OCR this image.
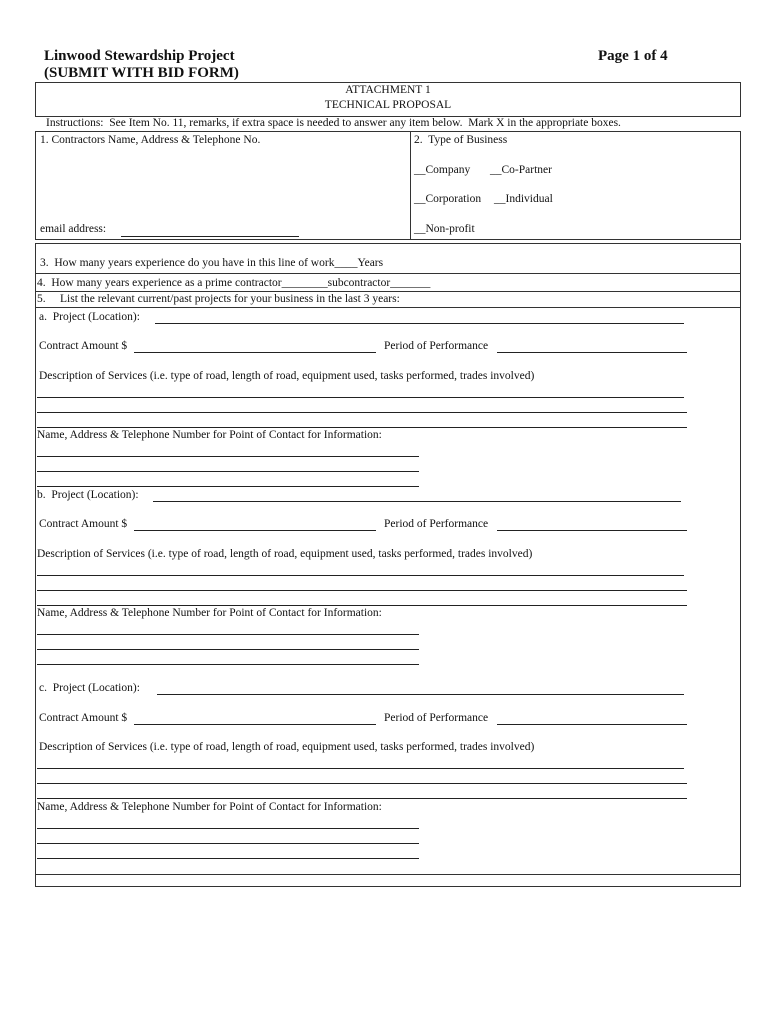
Linwood Stewardship Project
(SUBMIT WITH BID FORM)
Page 1 of 4
ATTACHMENT 1
TECHNICAL PROPOSAL
Instructions:  See Item No. 11, remarks, if extra space is needed to answer any item below.  Mark X in the appropriate boxes.
1. Contractors Name, Address & Telephone No.
email address:
2.  Type of Business
__Company __Co-Partner
__Corporation __Individual
__Non-profit
3.  How many years experience do you have in this line of work____Years
4.  How many years experience as a prime contractor________subcontractor_______
5.     List the relevant current/past projects for your business in the last 3 years:
a.  Project (Location):
Contract Amount $	Period of Performance
Description of Services (i.e. type of road, length of road, equipment used, tasks performed, trades involved)
Name, Address & Telephone Number for Point of Contact for Information:
b.  Project (Location):
Contract Amount $	Period of Performance
Description of Services (i.e. type of road, length of road, equipment used, tasks performed, trades involved)
Name, Address & Telephone Number for Point of Contact for Information:
c.  Project (Location):
Contract Amount $	Period of Performance
Description of Services (i.e. type of road, length of road, equipment used, tasks performed, trades involved)
Name, Address & Telephone Number for Point of Contact for Information:
